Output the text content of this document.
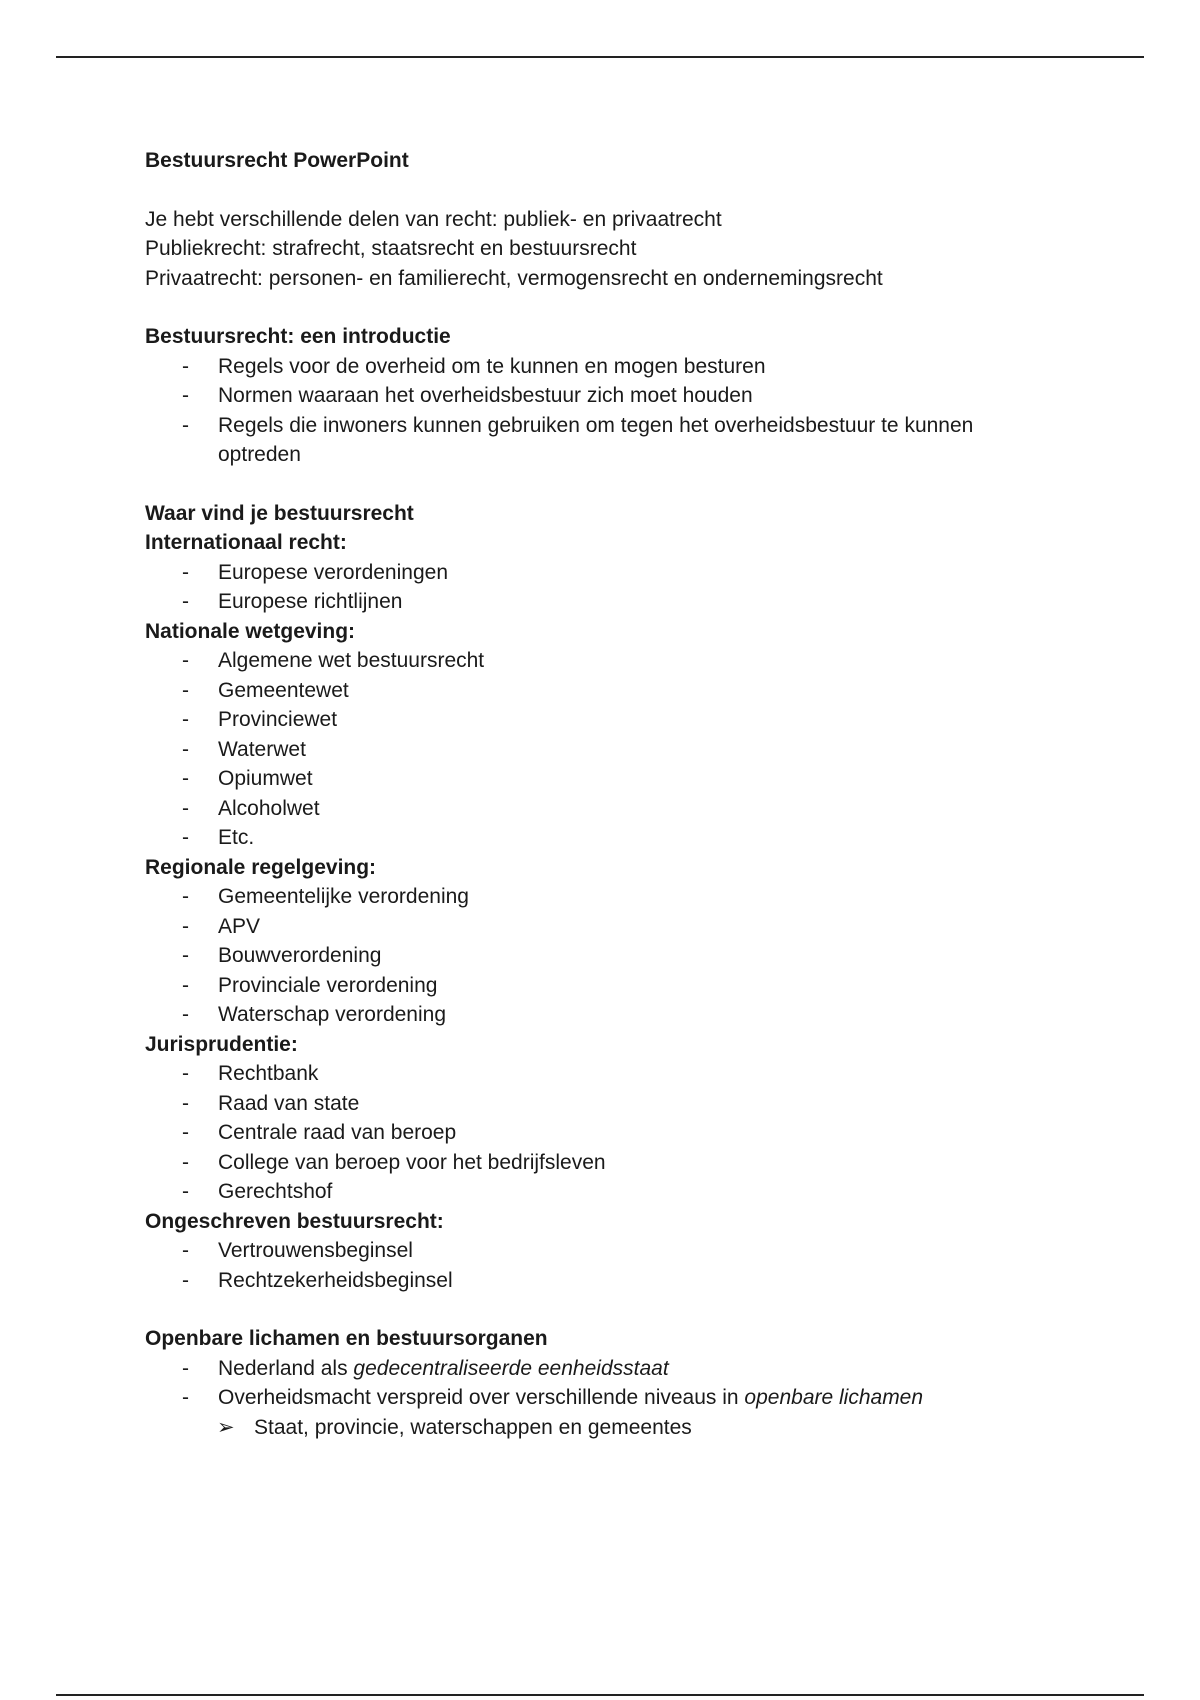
Bestuursrecht PowerPoint
Je hebt verschillende delen van recht: publiek- en privaatrecht
Publiekrecht: strafrecht, staatsrecht en bestuursrecht
Privaatrecht: personen- en familierecht, vermogensrecht en ondernemingsrecht
Bestuursrecht: een introductie
- Regels voor de overheid om te kunnen en mogen besturen
- Normen waaraan het overheidsbestuur zich moet houden
- Regels die inwoners kunnen gebruiken om tegen het overheidsbestuur te kunnen optreden
Waar vind je bestuursrecht
Internationaal recht:
- Europese verordeningen
- Europese richtlijnen
Nationale wetgeving:
- Algemene wet bestuursrecht
- Gemeentewet
- Provinciewet
- Waterwet
- Opiumwet
- Alcoholwet
- Etc.
Regionale regelgeving:
- Gemeentelijke verordening
- APV
- Bouwverordening
- Provinciale verordening
- Waterschap verordening
Jurisprudentie:
- Rechtbank
- Raad van state
- Centrale raad van beroep
- College van beroep voor het bedrijfsleven
- Gerechtshof
Ongeschreven bestuursrecht:
- Vertrouwensbeginsel
- Rechtzekerheidsbeginsel
Openbare lichamen en bestuursorganen
- Nederland als gedecentraliseerde eenheidsstaat
- Overheidsmacht verspreid over verschillende niveaus in openbare lichamen
➢ Staat, provincie, waterschappen en gemeentes
